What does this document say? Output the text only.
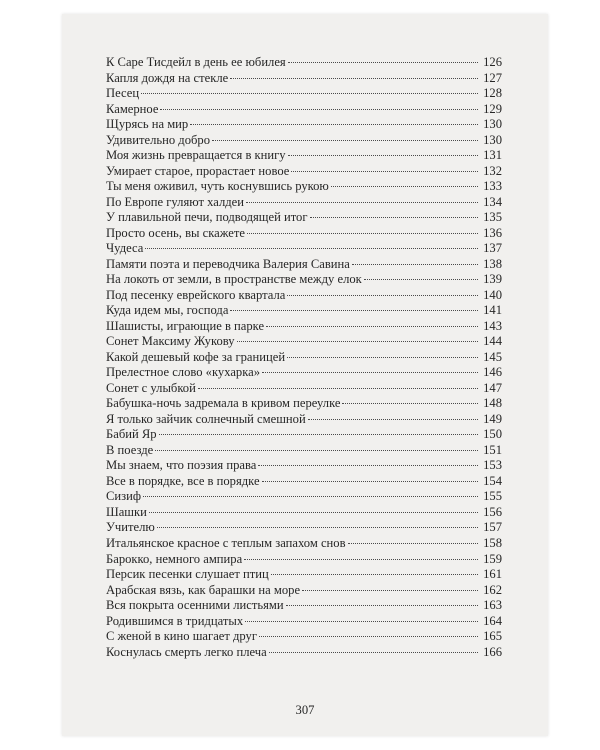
К Саре Тисдейл в день ее юбилея	126
Капля дождя на стекле	127
Песец	128
Камерное	129
Щурясь на мир	130
Удивительно добро	130
Моя жизнь превращается в книгу	131
Умирает старое, прорастает новое	132
Ты меня оживил, чуть коснувшись рукою	133
По Европе гуляют халдеи	134
У плавильной печи, подводящей итог	135
Просто осень, вы скажете	136
Чудеса	137
Памяти поэта и переводчика Валерия Савина	138
На локоть от земли, в пространстве между елок	139
Под песенку еврейского квартала	140
Куда идем мы, господа	141
Шашисты, играющие в парке	143
Сонет Максиму Жукову	144
Какой дешевый кофе за границей	145
Прелестное слово «кухарка»	146
Сонет с улыбкой	147
Бабушка-ночь задремала в кривом переулке	148
Я только зайчик солнечный смешной	149
Бабий Яр	150
В поезде	151
Мы знаем, что поэзия права	153
Все в порядке, все в порядке	154
Сизиф	155
Шашки	156
Учителю	157
Итальянское красное с теплым запахом снов	158
Барокко, немного ампира	159
Персик песенки слушает птиц	161
Арабская вязь, как барашки на море	162
Вся покрыта осенними листьями	163
Родившимся в тридцатых	164
С женой в кино шагает друг	165
Коснулась смерть легко плеча	166
307
